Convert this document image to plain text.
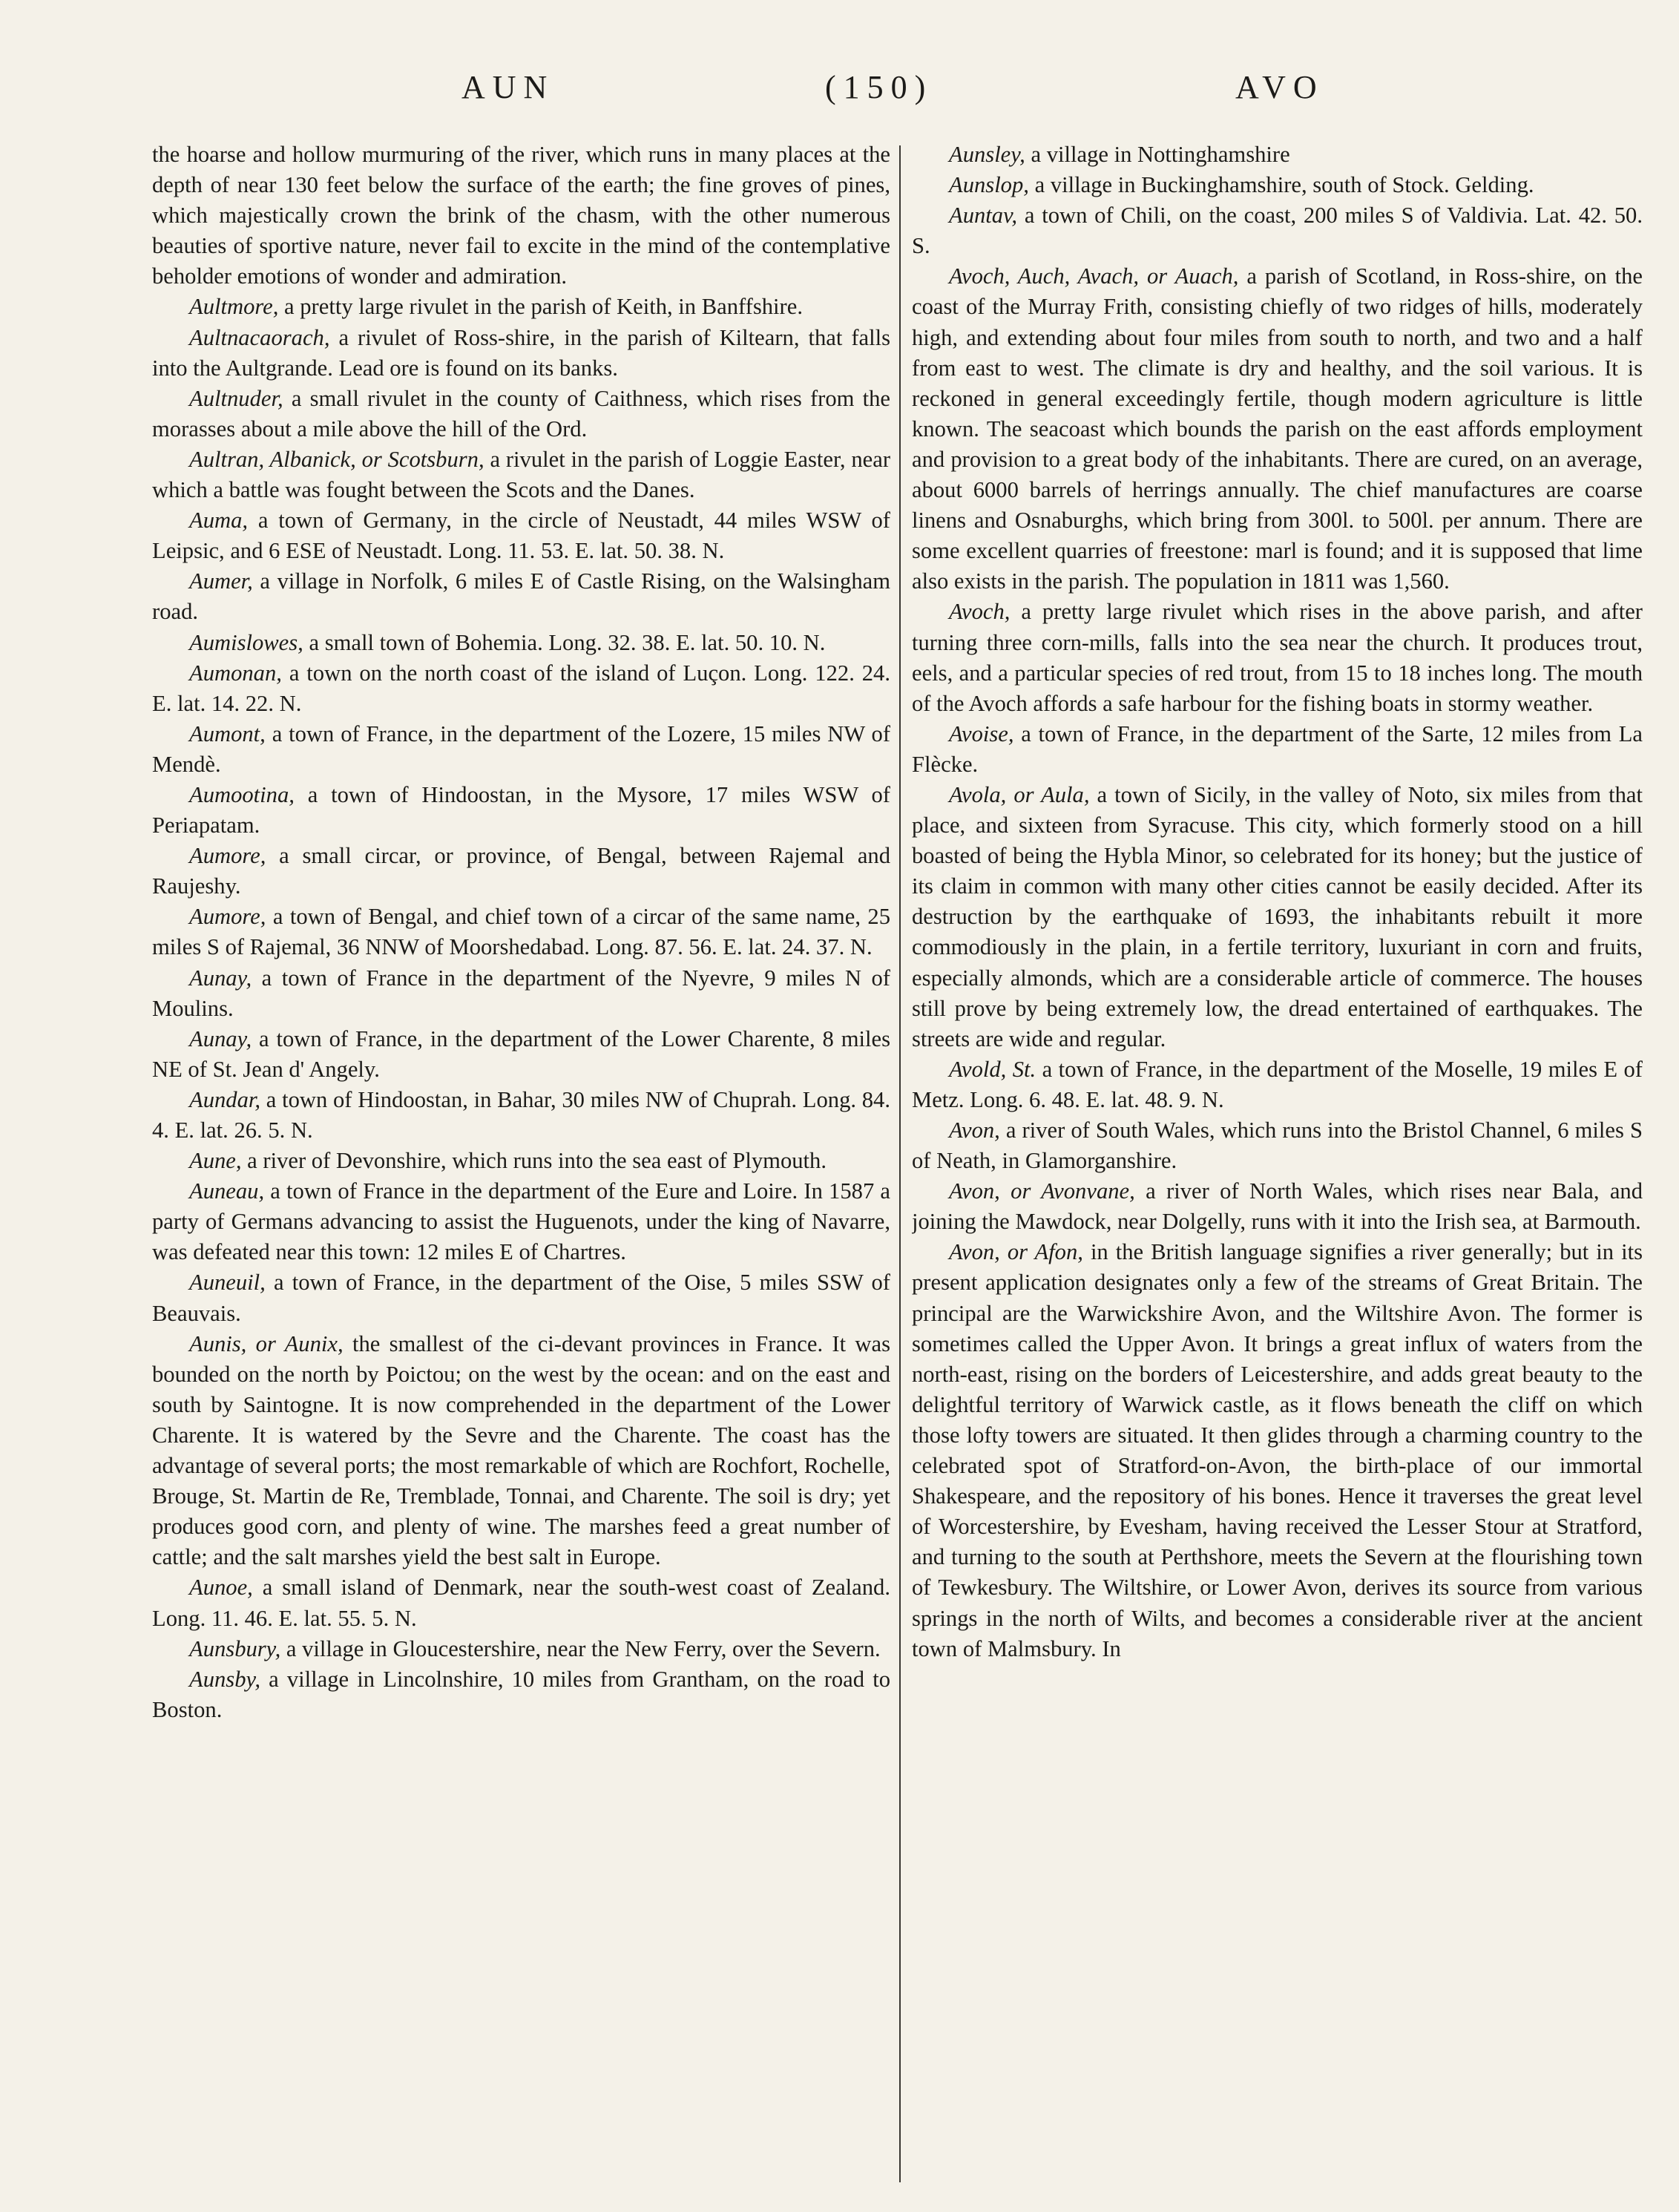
AUN	(150)	AVO

the hoarse and hollow murmuring of the river, which runs in many places at the depth of near 130 feet below the surface of the earth; the fine groves of pines, which majestically crown the brink of the chasm, with the other numerous beauties of sportive nature, never fail to excite in the mind of the contemplative beholder emotions of wonder and admiration.

Aultmore, a pretty large rivulet in the parish of Keith, in Banffshire.

Aultnacaorach, a rivulet of Ross-shire, in the parish of Kiltearn, that falls into the Aultgrande. Lead ore is found on its banks.

Aultnuder, a small rivulet in the county of Caithness, which rises from the morasses about a mile above the hill of the Ord.

Aultran, Albanick, or Scotsburn, a rivulet in the parish of Loggie Easter, near which a battle was fought between the Scots and the Danes.

Auma, a town of Germany, in the circle of Neustadt, 44 miles WSW of Leipsic, and 6 ESE of Neustadt. Long. 11. 53. E. lat. 50. 38. N.

Aumer, a village in Norfolk, 6 miles E of Castle Rising, on the Walsingham road.

Aumislowes, a small town of Bohemia. Long. 32. 38. E. lat. 50. 10. N.

Aumonan, a town on the north coast of the island of Luçon. Long. 122. 24. E. lat. 14. 22. N.

Aumont, a town of France, in the department of the Lozere, 15 miles NW of Mendè.

Aumootina, a town of Hindoostan, in the Mysore, 17 miles WSW of Periapatam.

Aumore, a small circar, or province, of Bengal, between Rajemal and Raujeshy.

Aumore, a town of Bengal, and chief town of a circar of the same name, 25 miles S of Rajemal, 36 NNW of Moorshedabad. Long. 87. 56. E. lat. 24. 37. N.

Aunay, a town of France in the department of the Nyevre, 9 miles N of Moulins.

Aunay, a town of France, in the department of the Lower Charente, 8 miles NE of St. Jean d' Angely.

Aundar, a town of Hindoostan, in Bahar, 30 miles NW of Chuprah. Long. 84. 4. E. lat. 26. 5. N.

Aune, a river of Devonshire, which runs into the sea east of Plymouth.

Auneau, a town of France in the department of the Eure and Loire. In 1587 a party of Germans advancing to assist the Huguenots, under the king of Navarre, was defeated near this town: 12 miles E of Chartres.

Auneuil, a town of France, in the department of the Oise, 5 miles SSW of Beauvais.

Aunis, or Aunix, the smallest of the ci-devant provinces in France. It was bounded on the north by Poictou; on the west by the ocean: and on the east and south by Saintogne. It is now comprehended in the department of the Lower Charente. It is watered by the Sevre and the Charente. The coast has the advantage of several ports; the most remarkable of which are Rochfort, Rochelle, Brouge, St. Martin de Re, Tremblade, Tonnai, and Charente. The soil is dry; yet produces good corn, and plenty of wine. The marshes feed a great number of cattle; and the salt marshes yield the best salt in Europe.

Aunoe, a small island of Denmark, near the south-west coast of Zealand. Long. 11. 46. E. lat. 55. 5. N.

Aunsbury, a village in Gloucestershire, near the New Ferry, over the Severn.

Aunsby, a village in Lincolnshire, 10 miles from Grantham, on the road to Boston.

Aunsley, a village in Nottinghamshire

Aunslop, a village in Buckinghamshire, south of Stock. Gelding.

Auntav, a town of Chili, on the coast, 200 miles S of Valdivia. Lat. 42. 50. S.

Avoch, Auch, Avach, or Auach, a parish of Scotland, in Ross-shire, on the coast of the Murray Frith, consisting chiefly of two ridges of hills, moderately high, and extending about four miles from south to north, and two and a half from east to west. The climate is dry and healthy, and the soil various. It is reckoned in general exceedingly fertile, though modern agriculture is little known. The seacoast which bounds the parish on the east affords employment and provision to a great body of the inhabitants. There are cured, on an average, about 6000 barrels of herrings annually. The chief manufactures are coarse linens and Osnaburghs, which bring from 300l. to 500l. per annum. There are some excellent quarries of freestone: marl is found; and it is supposed that lime also exists in the parish. The population in 1811 was 1,560.

Avoch, a pretty large rivulet which rises in the above parish, and after turning three corn-mills, falls into the sea near the church. It produces trout, eels, and a particular species of red trout, from 15 to 18 inches long. The mouth of the Avoch affords a safe harbour for the fishing boats in stormy weather.

Avoise, a town of France, in the department of the Sarte, 12 miles from La Flècke.

Avola, or Aula, a town of Sicily, in the valley of Noto, six miles from that place, and sixteen from Syracuse. This city, which formerly stood on a hill boasted of being the Hybla Minor, so celebrated for its honey; but the justice of its claim in common with many other cities cannot be easily decided. After its destruction by the earthquake of 1693, the inhabitants rebuilt it more commodiously in the plain, in a fertile territory, luxuriant in corn and fruits, especially almonds, which are a considerable article of commerce. The houses still prove by being extremely low, the dread entertained of earthquakes. The streets are wide and regular.

Avold, St. a town of France, in the department of the Moselle, 19 miles E of Metz. Long. 6. 48. E. lat. 48. 9. N.

Avon, a river of South Wales, which runs into the Bristol Channel, 6 miles S of Neath, in Glamorganshire.

Avon, or Avonvane, a river of North Wales, which rises near Bala, and joining the Mawdock, near Dolgelly, runs with it into the Irish sea, at Barmouth.

Avon, or Afon, in the British language signifies a river generally; but in its present application designates only a few of the streams of Great Britain. The principal are the Warwickshire Avon, and the Wiltshire Avon. The former is sometimes called the Upper Avon. It brings a great influx of waters from the north-east, rising on the borders of Leicestershire, and adds great beauty to the delightful territory of Warwick castle, as it flows beneath the cliff on which those lofty towers are situated. It then glides through a charming country to the celebrated spot of Stratford-on-Avon, the birth-place of our immortal Shakespeare, and the repository of his bones. Hence it traverses the great level of Worcestershire, by Evesham, having received the Lesser Stour at Stratford, and turning to the south at Perthshore, meets the Severn at the flourishing town of Tewkesbury. The Wiltshire, or Lower Avon, derives its source from various springs in the north of Wilts, and becomes a considerable river at the ancient town of Malmsbury. In
